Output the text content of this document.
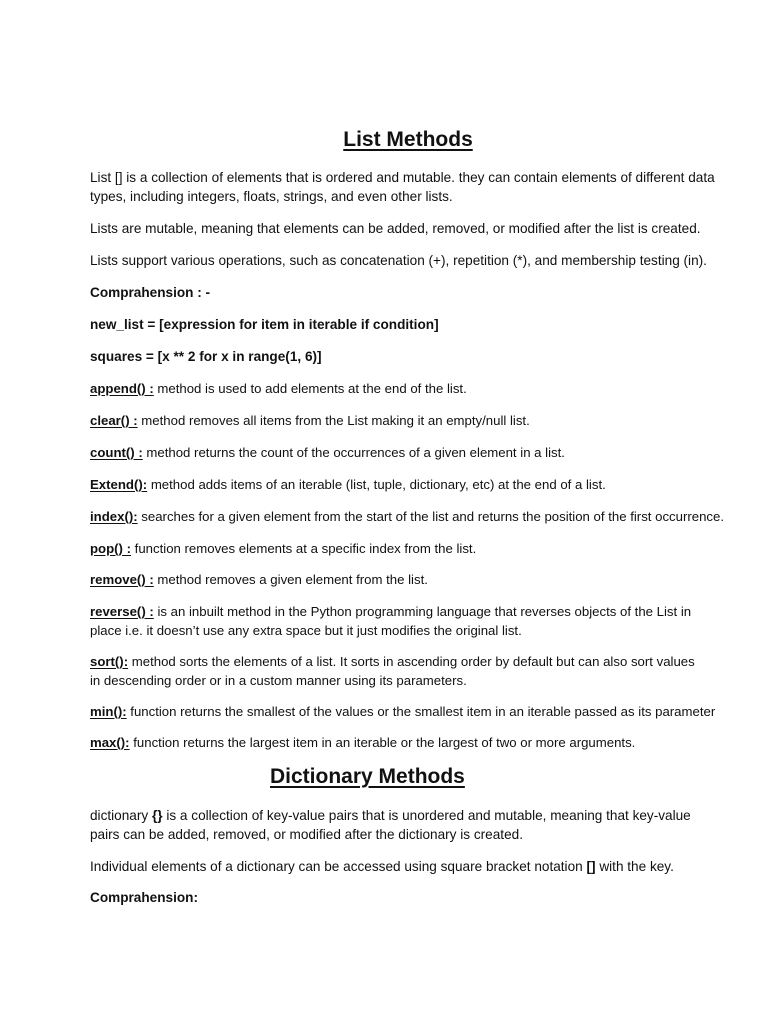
List Methods

List [] is a collection of elements that is ordered and mutable. they can contain elements of different data types, including integers, floats, strings, and even other lists.

Lists are mutable, meaning that elements can be added, removed, or modified after the list is created.

Lists support various operations, such as concatenation (+), repetition (*), and membership testing (in).

Comprahension : -

new_list = [expression for item in iterable if condition]

squares = [x ** 2 for x in range(1, 6)]

append() : method is used to add elements at the end of the list.

clear() : method removes all items from the List making it an empty/null list.

count() : method returns the count of the occurrences of a given element in a list.

Extend(): method adds items of an iterable (list, tuple, dictionary, etc) at the end of a list.

index(): searches for a given element from the start of the list and returns the position of the first occurrence.

pop() : function removes elements at a specific index from the list.

remove() : method removes a given element from the list.

reverse() : is an inbuilt method in the Python programming language that reverses objects of the List in place i.e. it doesn’t use any extra space but it just modifies the original list.

sort(): method sorts the elements of a list. It sorts in ascending order by default but can also sort values in descending order or in a custom manner using its parameters.

min(): function returns the smallest of the values or the smallest item in an iterable passed as its parameter

max(): function returns the largest item in an iterable or the largest of two or more arguments.

Dictionary Methods

dictionary {} is a collection of key-value pairs that is unordered and mutable, meaning that key-value pairs can be added, removed, or modified after the dictionary is created.

Individual elements of a dictionary can be accessed using square bracket notation [] with the key.

Comprahension:
